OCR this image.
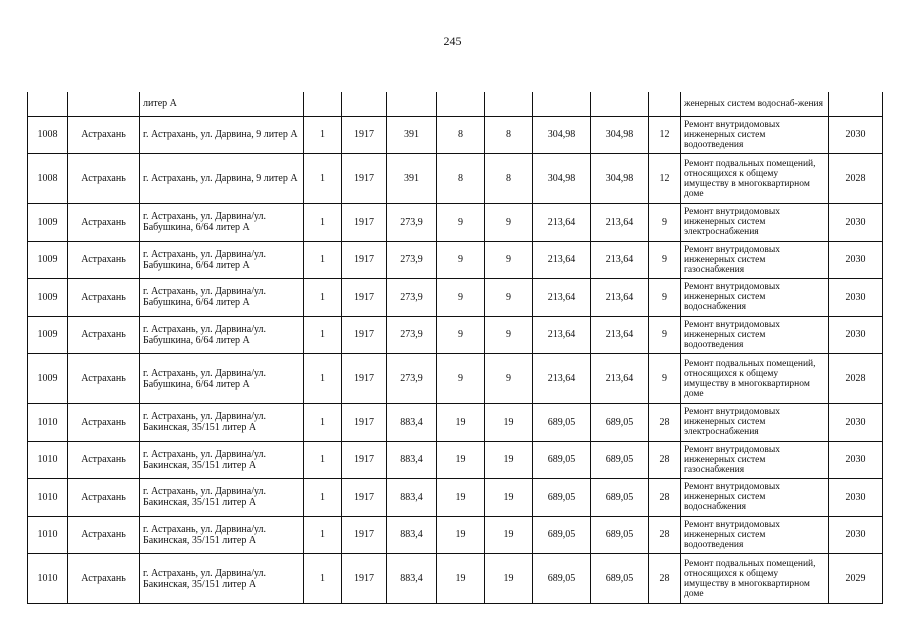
245
		литер А									женерных систем водоснаб-жения	
1008	Астрахань	г. Астрахань, ул. Дарвина, 9 литер А	1	1917	391	8	8	304,98	304,98	12	Ремонт внутридомовых инженерных систем водоотведения	2030
1008	Астрахань	г. Астрахань, ул. Дарвина, 9 литер А	1	1917	391	8	8	304,98	304,98	12	Ремонт подвальных помещений, относящихся к общему имуществу в многоквартирном доме	2028
1009	Астрахань	г. Астрахань, ул. Дарвина/ул. Бабушкина, 6/64 литер А	1	1917	273,9	9	9	213,64	213,64	9	Ремонт внутридомовых инженерных систем электроснабжения	2030
1009	Астрахань	г. Астрахань, ул. Дарвина/ул. Бабушкина, 6/64 литер А	1	1917	273,9	9	9	213,64	213,64	9	Ремонт внутридомовых инженерных систем газоснабжения	2030
1009	Астрахань	г. Астрахань, ул. Дарвина/ул. Бабушкина, 6/64 литер А	1	1917	273,9	9	9	213,64	213,64	9	Ремонт внутридомовых инженерных систем водоснабжения	2030
1009	Астрахань	г. Астрахань, ул. Дарвина/ул. Бабушкина, 6/64 литер А	1	1917	273,9	9	9	213,64	213,64	9	Ремонт внутридомовых инженерных систем водоотведения	2030
1009	Астрахань	г. Астрахань, ул. Дарвина/ул. Бабушкина, 6/64 литер А	1	1917	273,9	9	9	213,64	213,64	9	Ремонт подвальных помещений, относящихся к общему имуществу в многоквартирном доме	2028
1010	Астрахань	г. Астрахань, ул. Дарвина/ул. Бакинская, 35/151 литер А	1	1917	883,4	19	19	689,05	689,05	28	Ремонт внутридомовых инженерных систем электроснабжения	2030
1010	Астрахань	г. Астрахань, ул. Дарвина/ул. Бакинская, 35/151 литер А	1	1917	883,4	19	19	689,05	689,05	28	Ремонт внутридомовых инженерных систем газоснабжения	2030
1010	Астрахань	г. Астрахань, ул. Дарвина/ул. Бакинская, 35/151 литер А	1	1917	883,4	19	19	689,05	689,05	28	Ремонт внутридомовых инженерных систем водоснабжения	2030
1010	Астрахань	г. Астрахань, ул. Дарвина/ул. Бакинская, 35/151 литер А	1	1917	883,4	19	19	689,05	689,05	28	Ремонт внутридомовых инженерных систем водоотведения	2030
1010	Астрахань	г. Астрахань, ул. Дарвина/ул. Бакинская, 35/151 литер А	1	1917	883,4	19	19	689,05	689,05	28	Ремонт подвальных помещений, относящихся к общему имуществу в многоквартирном доме	2029
